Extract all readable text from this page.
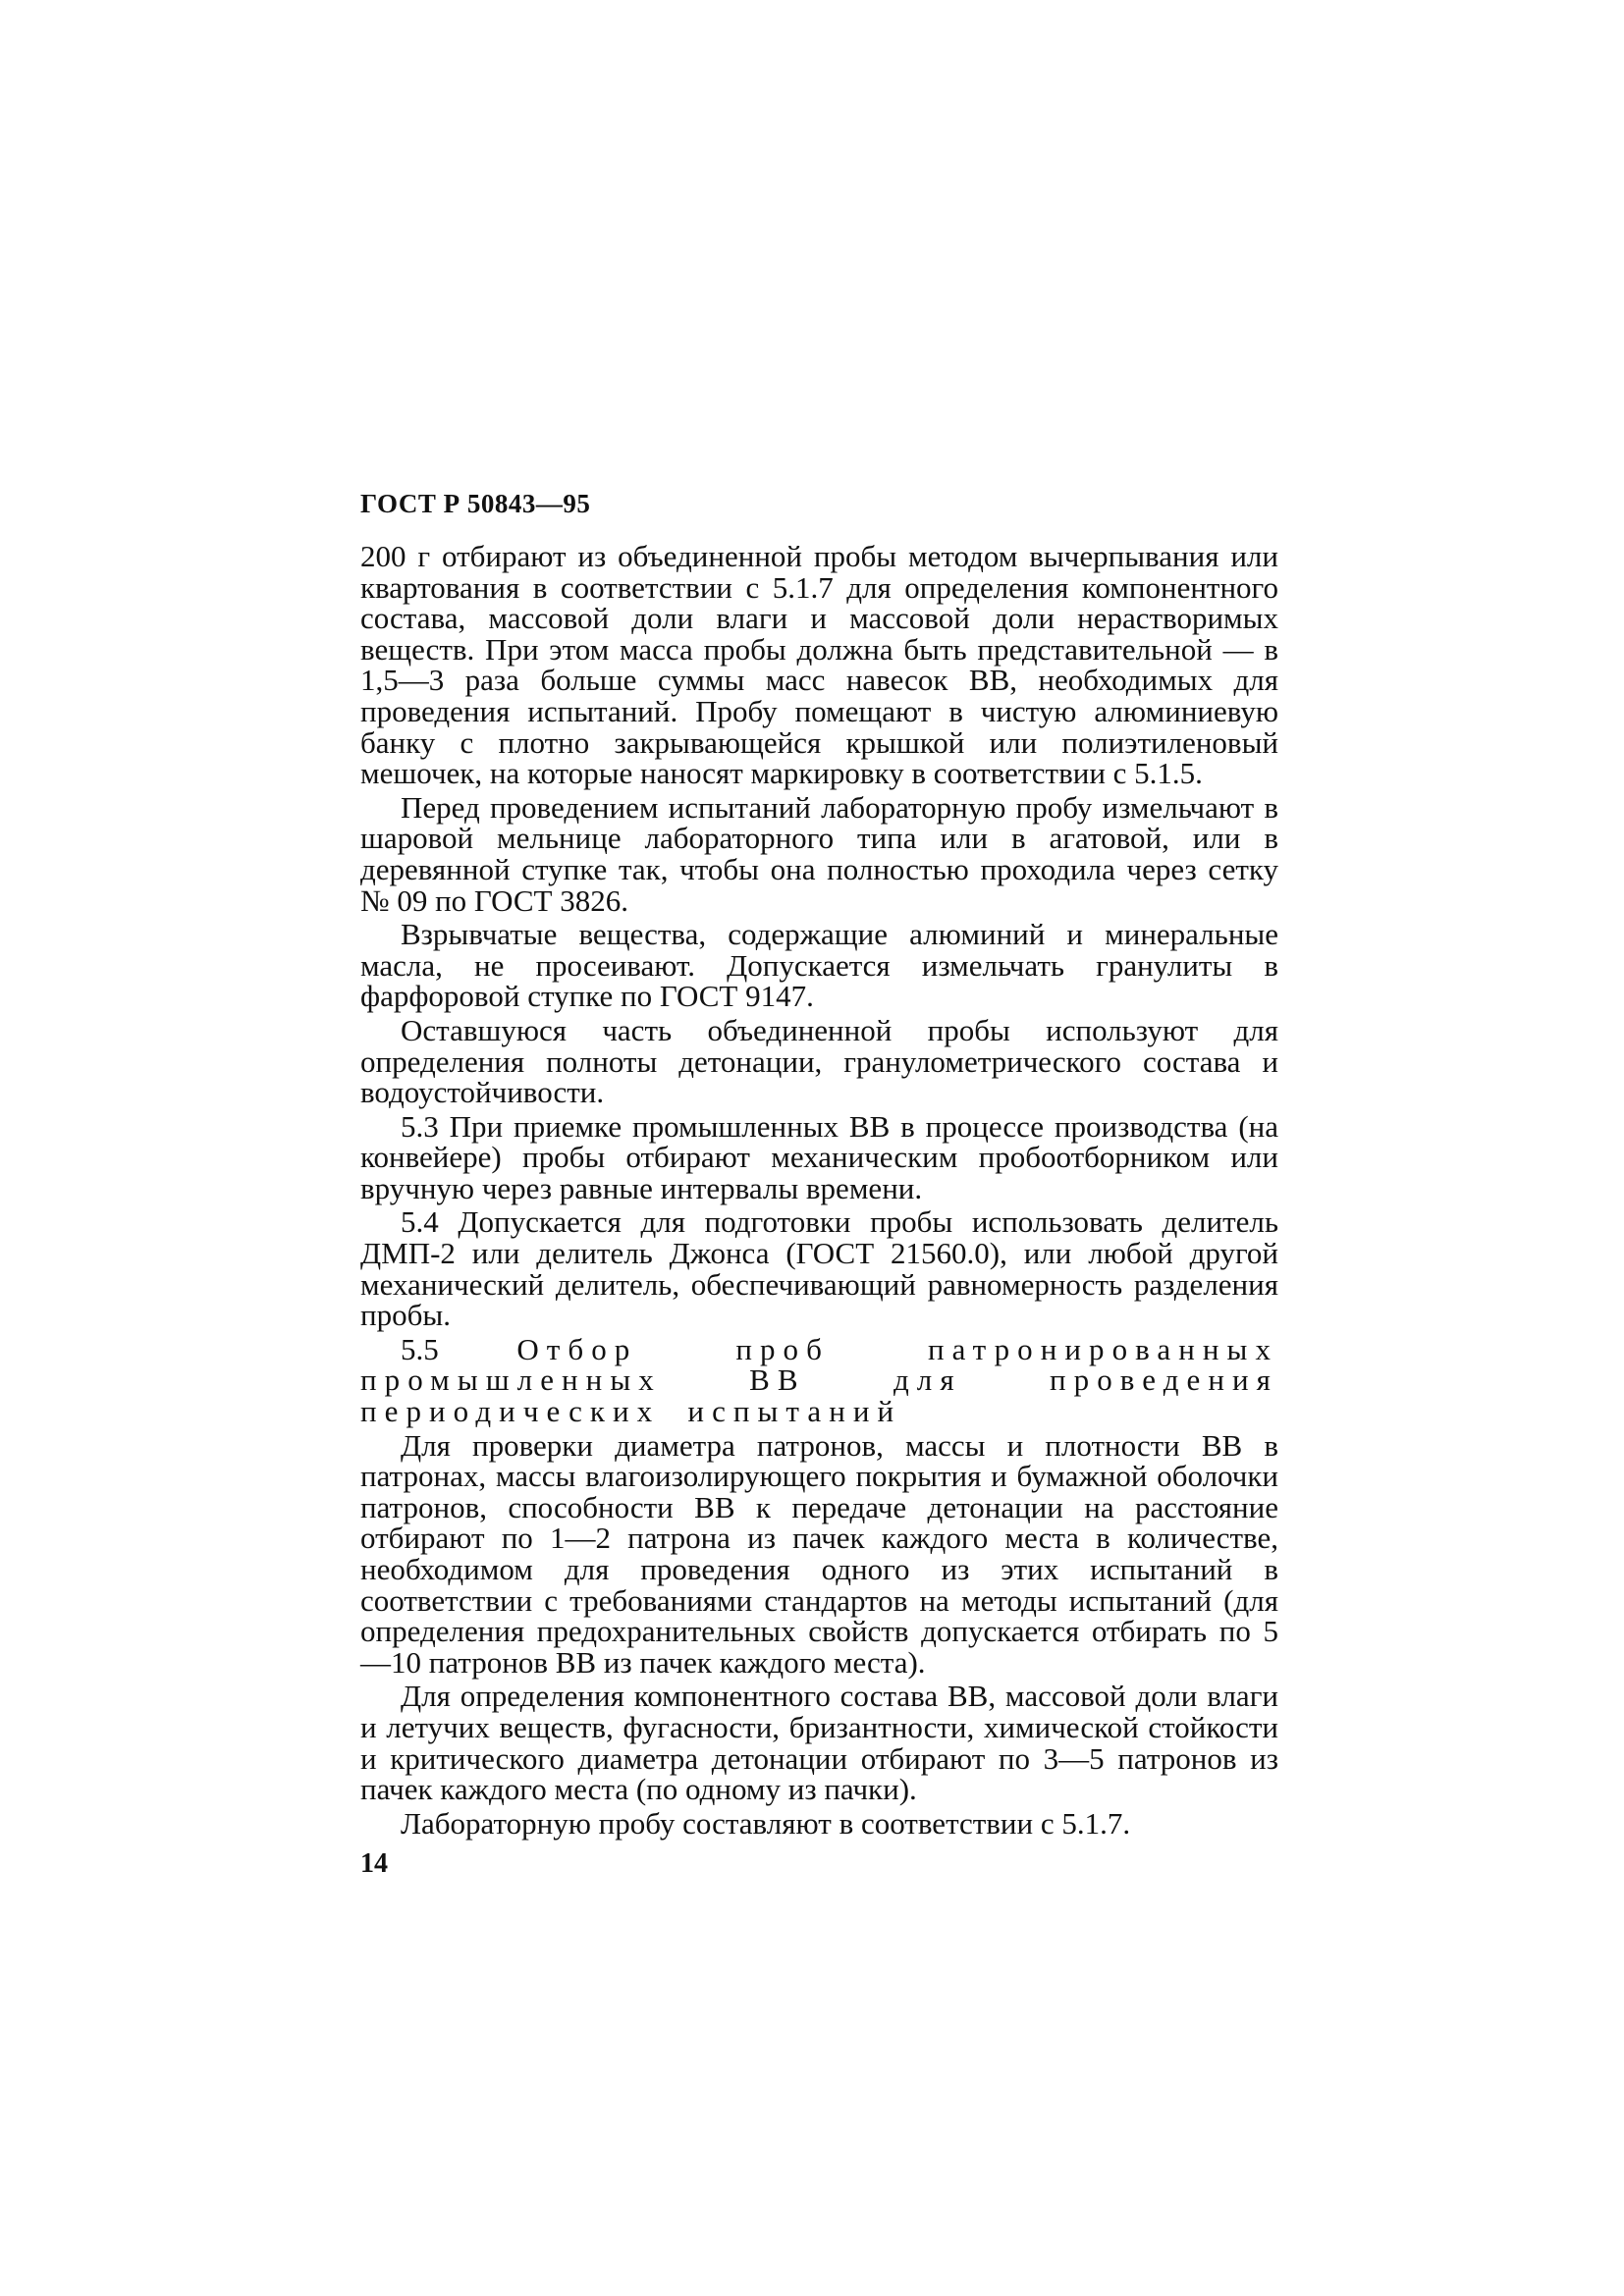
ГОСТ Р 50843—95

200 г отбирают из объединенной пробы методом вычерпывания или квартования в соответствии с 5.1.7 для определения компонентного состава, массовой доли влаги и массовой доли нерастворимых веществ. При этом масса пробы должна быть представительной — в 1,5—3 раза больше суммы масс навесок ВВ, необходимых для проведения испытаний. Пробу помещают в чистую алюминиевую банку с плотно закрывающейся крышкой или полиэтиленовый мешочек, на которые наносят маркировку в соответствии с 5.1.5.

Перед проведением испытаний лабораторную пробу измельчают в шаровой мельнице лабораторного типа или в агатовой, или в деревянной ступке так, чтобы она полностью проходила через сетку № 09 по ГОСТ 3826.

Взрывчатые вещества, содержащие алюминий и минеральные масла, не просеивают. Допускается измельчать гранулиты в фарфоровой ступке по ГОСТ 9147.

Оставшуюся часть объединенной пробы используют для определения полноты детонации, гранулометрического состава и водоустойчивости.

5.3 При приемке промышленных ВВ в процессе производства (на конвейере) пробы отбирают механическим пробоотборником или вручную через равные интервалы времени.

5.4 Допускается для подготовки пробы использовать делитель ДМП-2 или делитель Джонса (ГОСТ 21560.0), или любой другой механический делитель, обеспечивающий равномерность разделения пробы.

5.5	Отбор проб патронированных промышленных ВВ для проведения периодических испытаний

Для проверки диаметра патронов, массы и плотности ВВ в патронах, массы влагоизолирующего покрытия и бумажной оболочки патронов, способности ВВ к передаче детонации на расстояние отбирают по 1—2 патрона из пачек каждого места в количестве, необходимом для проведения одного из этих испытаний в соответствии с требованиями стандартов на методы испытаний (для определения предохранительных свойств допускается отбирать по 5—10 патронов ВВ из пачек каждого места).

Для определения компонентного состава ВВ, массовой доли влаги и летучих веществ, фугасности, бризантности, химической стойкости и критического диаметра детонации отбирают по 3—5 патронов из пачек каждого места (по одному из пачки).

Лабораторную пробу составляют в соответствии с 5.1.7.

14
